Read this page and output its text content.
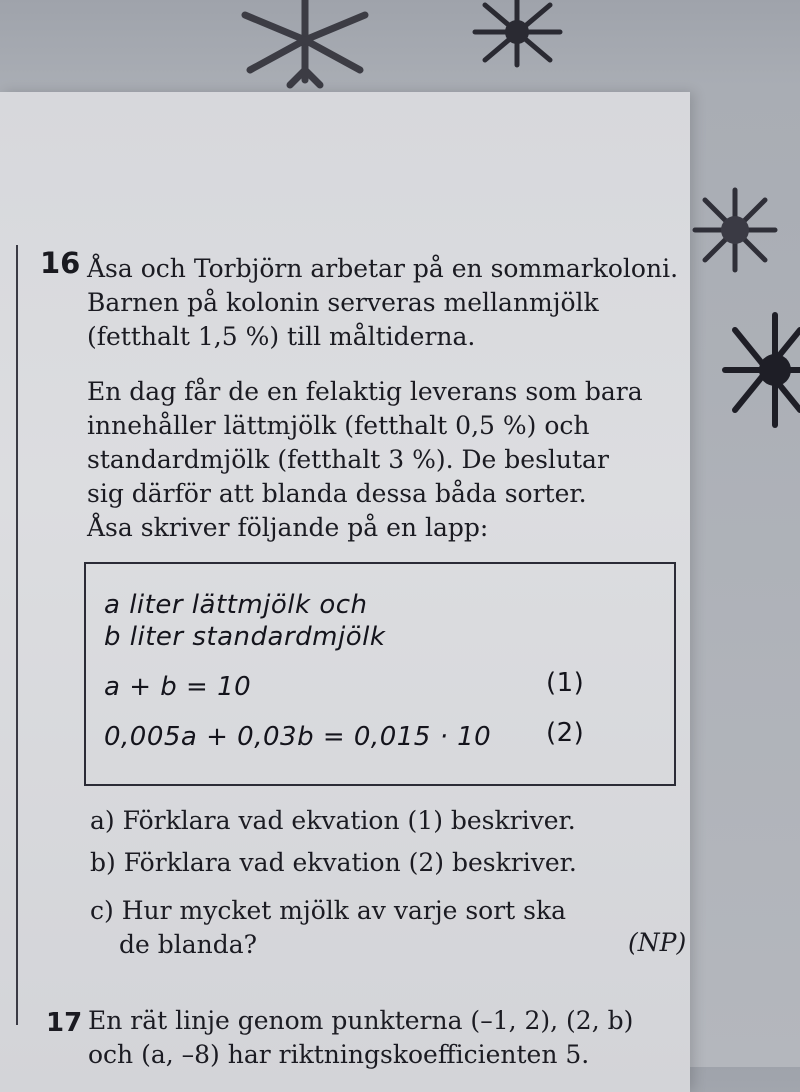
16 Åsa och Torbjörn arbetar på en sommarkoloni.
Barnen på kolonin serveras mellanmjölk
(fetthalt 1,5 %) till måltiderna.
En dag får de en felaktig leverans som bara
innehåller lättmjölk (fetthalt 0,5 %) och
standardmjölk (fetthalt 3 %). De beslutar
sig därför att blanda dessa båda sorter.
Åsa skriver följande på en lapp:
a liter lättmjölk och
b liter standardmjölk
a + b = 10	(1)
0,005a + 0,03b = 0,015 · 10 (2)
a) Förklara vad ekvation (1) beskriver.
b) Förklara vad ekvation (2) beskriver.
c) Hur mycket mjölk av varje sort ska
de blanda?	(NP)
17 En rät linje genom punkterna (–1, 2), (2, b)
och (a, –8) har riktningskoefficienten 5.
